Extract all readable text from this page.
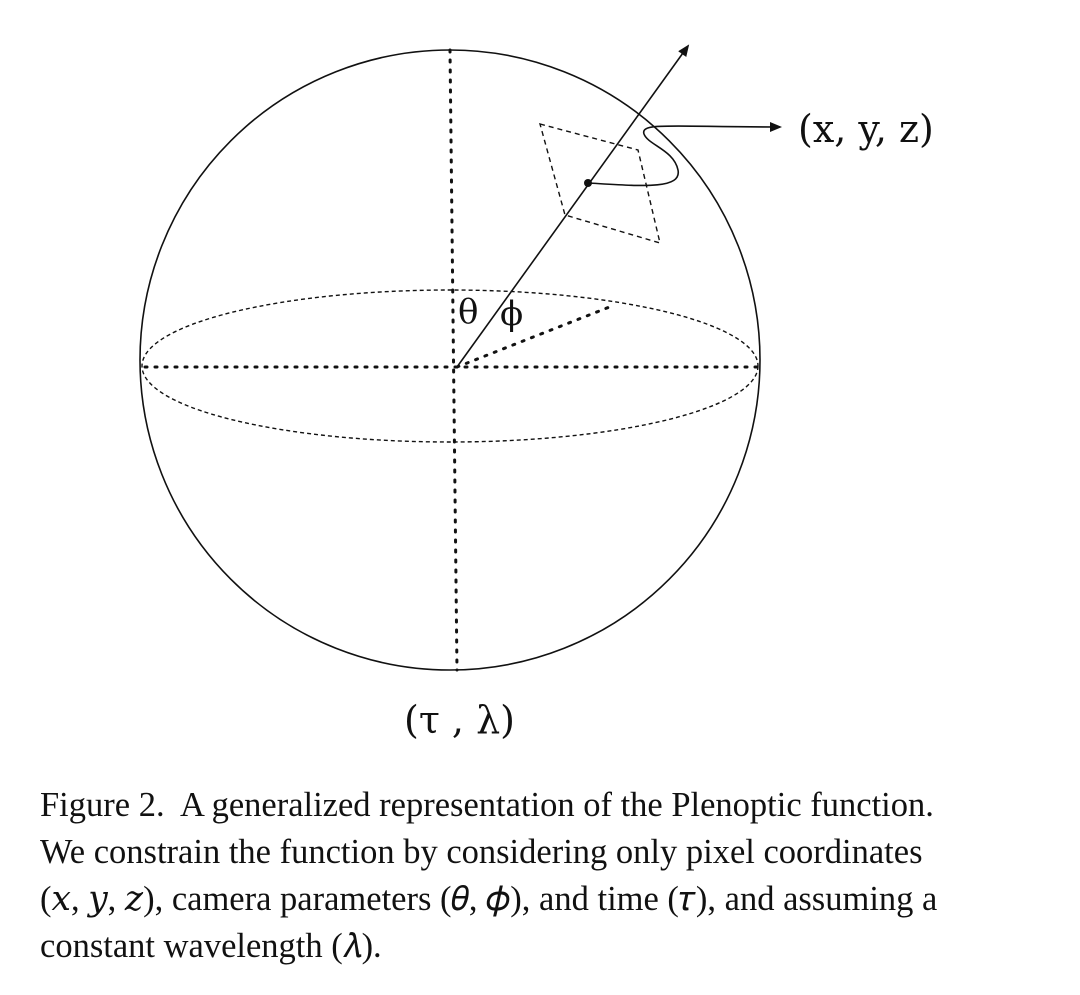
(x, y, z)
θ ϕ
(τ , λ)
Figure 2. A generalized representation of the Plenoptic function.
We constrain the function by considering only pixel coordinates
(𝑥, 𝑦, 𝑧), camera parameters (𝜃, 𝜙), and time (𝜏), and assuming a
constant wavelength (𝜆).
